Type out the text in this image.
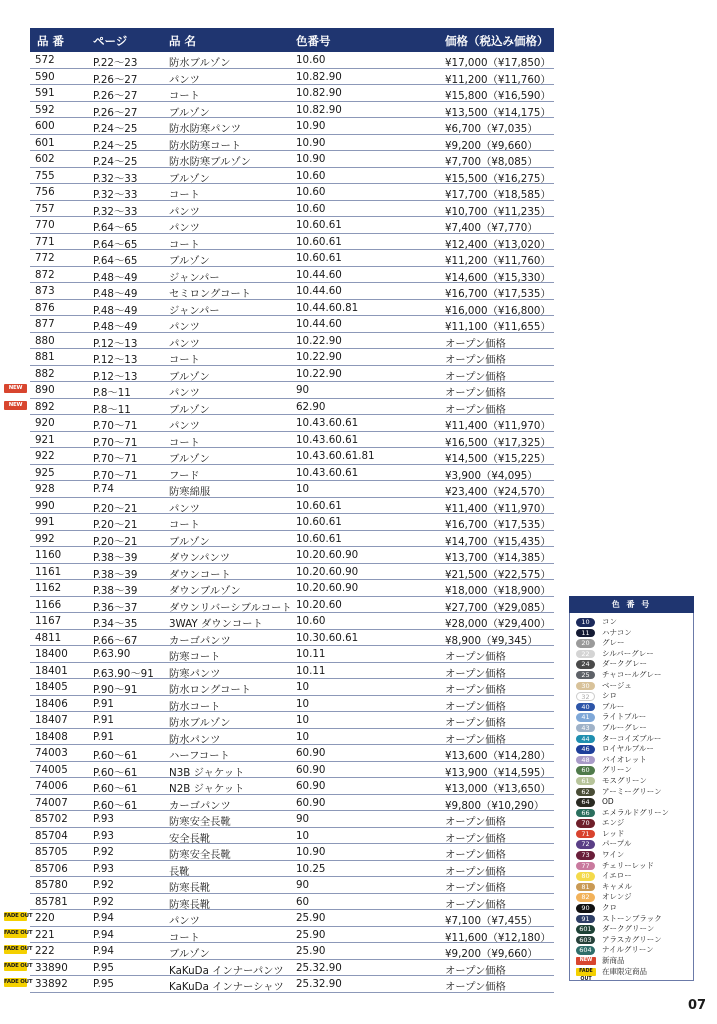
品 番	ページ	品 名	色番号	価格（税込み価格）
572	P.22～23	防水ブルゾン	10.60	¥17,000（¥17,850）
590	P.26～27	パンツ	10.82.90	¥11,200（¥11,760）
591	P.26～27	コート	10.82.90	¥15,800（¥16,590）
592	P.26～27	ブルゾン	10.82.90	¥13,500（¥14,175）
600	P.24～25	防水防寒パンツ	10.90	¥6,700（¥7,035）
601	P.24～25	防水防寒コート	10.90	¥9,200（¥9,660）
602	P.24～25	防水防寒ブルゾン	10.90	¥7,700（¥8,085）
755	P.32～33	ブルゾン	10.60	¥15,500（¥16,275）
756	P.32～33	コート	10.60	¥17,700（¥18,585）
757	P.32～33	パンツ	10.60	¥10,700（¥11,235）
770	P.64～65	パンツ	10.60.61	¥7,400（¥7,770）
771	P.64～65	コート	10.60.61	¥12,400（¥13,020）
772	P.64～65	ブルゾン	10.60.61	¥11,200（¥11,760）
872	P.48～49	ジャンパー	10.44.60	¥14,600（¥15,330）
873	P.48～49	セミロングコート	10.44.60	¥16,700（¥17,535）
876	P.48～49	ジャンパー	10.44.60.81	¥16,000（¥16,800）
877	P.48～49	パンツ	10.44.60	¥11,100（¥11,655）
880	P.12～13	パンツ	10.22.90	オープン価格
881	P.12～13	コート	10.22.90	オープン価格
882	P.12～13	ブルゾン	10.22.90	オープン価格
NEW	890	P.8～11	パンツ	90	オープン価格
NEW	892	P.8～11	ブルゾン	62.90	オープン価格
920	P.70～71	パンツ	10.43.60.61	¥11,400（¥11,970）
921	P.70～71	コート	10.43.60.61	¥16,500（¥17,325）
922	P.70～71	ブルゾン	10.43.60.61.81	¥14,500（¥15,225）
925	P.70～71	フード	10.43.60.61	¥3,900（¥4,095）
928	P.74	防寒綿服	10	¥23,400（¥24,570）
990	P.20～21	パンツ	10.60.61	¥11,400（¥11,970）
991	P.20～21	コート	10.60.61	¥16,700（¥17,535）
992	P.20～21	ブルゾン	10.60.61	¥14,700（¥15,435）
1160	P.38～39	ダウンパンツ	10.20.60.90	¥13,700（¥14,385）
1161	P.38～39	ダウンコート	10.20.60.90	¥21,500（¥22,575）
1162	P.38～39	ダウンブルゾン	10.20.60.90	¥18,000（¥18,900）
1166	P.36～37	ダウンリバーシブルコート 10.20.60	¥27,700（¥29,085）
1167	P.34～35	3WAY ダウンコート	10.60	¥28,000（¥29,400）
4811	P.66～67	カーゴパンツ	10.30.60.61	¥8,900（¥9,345）
18400 P.63.90	防寒コート	10.11	オープン価格
18401 P.63.90～91 防寒パンツ	10.11	オープン価格
18405 P.90～91	防水ロングコート	10	オープン価格
18406 P.91	防水コート	10	オープン価格
18407 P.91	防水ブルゾン	10	オープン価格
18408 P.91	防水パンツ	10	オープン価格
74003 P.60～61	ハーフコート	60.90	¥13,600（¥14,280）
74005 P.60～61	N3B ジャケット	60.90	¥13,900（¥14,595）
74006 P.60～61	N2B ジャケット	60.90	¥13,000（¥13,650）
74007 P.60～61	カーゴパンツ	60.90	¥9,800（¥10,290）
85702 P.93	防寒安全長靴	90	オープン価格
85704 P.93	安全長靴	10	オープン価格
85705 P.92	防寒安全長靴	10.90	オープン価格
85706 P.93	長靴	10.25	オープン価格
85780 P.92	防寒長靴	90	オープン価格
85781 P.92	防寒長靴	60	オープン価格
FADE OUT 220	P.94	パンツ	25.90	¥7,100（¥7,455）
FADE OUT 221	P.94	コート	25.90	¥11,600（¥12,180）
FADE OUT 222	P.94	ブルゾン	25.90	¥9,200（¥9,660）
FADE OUT 33890 P.95	KaKuDa インナーパンツ 25.32.90	オープン価格
FADE OUT 33892 P.95	KaKuDa インナーシャツ 25.32.90	オープン価格
色 番 号
10	コン
11	ハナコン
20	グレー
22	シルバーグレー
24	ダークグレー
25	チャコールグレー
30	ベージュ
32	シロ
40	ブルー
41	ライトブルー
43	ブルーグレー
44	ターコイズブルー
46	ロイヤルブルー
48	バイオレット
60	グリーン
61	モスグリーン
62	アーミーグリーン
64	OD
66	エメラルドグリーン
70	エンジ
71	レッド
72	パープル
73	ワイン
77	チェリーレッド
80	イエロー
81	キャメル
82	オレンジ
90	クロ
91	ストーンブラック
601	ダークグリーン
603	アラスカグリーン
604	ナイルグリーン
NEW	新商品
FADE OUT
在庫限定商品
07
